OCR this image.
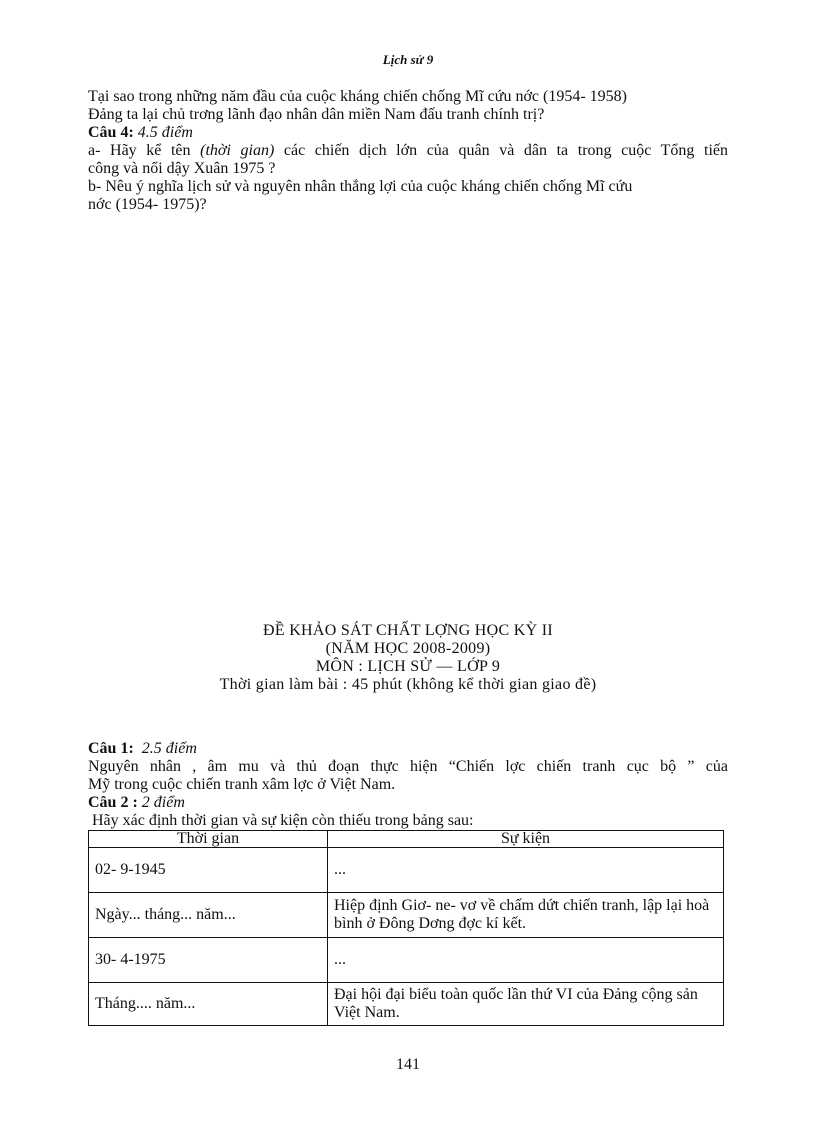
Lịch sử 9
Tại sao trong những năm đầu của cuộc kháng chiến chống Mĩ cứu nớc (1954- 1958)
Đảng ta lại chủ trơng lãnh đạo nhân dân miền Nam đấu tranh chính trị?
Câu 4: 4.5 điểm
a- Hãy kể tên (thời gian) các chiến dịch lớn của quân và dân ta trong cuộc Tổng tiến
công và nổi dậy Xuân 1975 ?
b- Nêu ý nghĩa lịch sử và nguyên nhân thắng lợi của cuộc kháng chiến chống Mĩ cứu
nớc (1954- 1975)?
ĐỀ KHẢO SÁT CHẤT LỢNG HỌC KỲ II
(NĂM HỌC 2008-2009)
MÔN : LỊCH SỬ — LỚP 9
Thời gian làm bài : 45 phút (không kể thời gian giao đề)
Câu 1: 2.5 điểm
Nguyên nhân , âm mu và thủ đoạn thực hiện “Chiến lợc chiến tranh cục bộ ” của
Mỹ trong cuộc chiến tranh xâm lợc ở Việt Nam.
Câu 2 : 2 điểm
Hãy xác định thời gian và sự kiện còn thiếu trong bảng sau:
Thời gian	Sự kiện
02- 9-1945	...
Ngày... tháng... năm...	Hiệp định Giơ- ne- vơ về chấm dứt chiến tranh, lập lại hoà bình ở Đông Dơng đợc kí kết.
30- 4-1975	...
Tháng.... năm...	Đại hội đại biểu toàn quốc lần thứ VI của Đảng cộng sản Việt Nam.
141
